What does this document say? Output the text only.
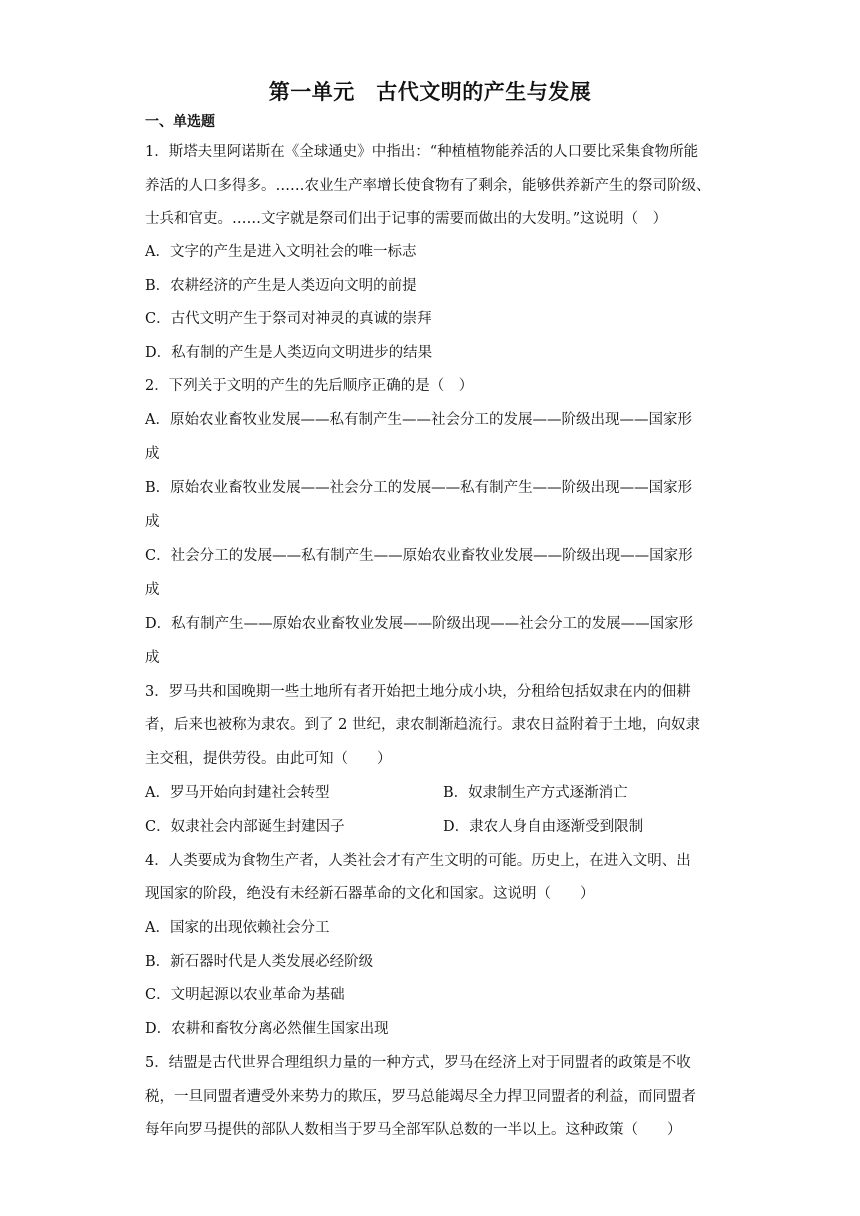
第一单元　古代文明的产生与发展
一、单选题
1．斯塔夫里阿诺斯在《全球通史》中指出：“种植植物能养活的人口要比采集食物所能
养活的人口多得多。……农业生产率增长使食物有了剩余，能够供养新产生的祭司阶级、
士兵和官吏。……文字就是祭司们出于记事的需要而做出的大发明。”这说明（　）
A．文字的产生是进入文明社会的唯一标志
B．农耕经济的产生是人类迈向文明的前提
C．古代文明产生于祭司对神灵的真诚的崇拜
D．私有制的产生是人类迈向文明进步的结果
2．下列关于文明的产生的先后顺序正确的是（　）
A．原始农业畜牧业发展——私有制产生——社会分工的发展——阶级出现——国家形
成
B．原始农业畜牧业发展——社会分工的发展——私有制产生——阶级出现——国家形
成
C．社会分工的发展——私有制产生——原始农业畜牧业发展——阶级出现——国家形
成
D．私有制产生——原始农业畜牧业发展——阶级出现——社会分工的发展——国家形
成
3．罗马共和国晚期一些土地所有者开始把土地分成小块，分租给包括奴隶在内的佃耕
者，后来也被称为隶农。到了 2 世纪，隶农制渐趋流行。隶农日益附着于土地，向奴隶
主交租，提供劳役。由此可知（　　）
A．罗马开始向封建社会转型	B．奴隶制生产方式逐渐消亡
C．奴隶社会内部诞生封建因子	D．隶农人身自由逐渐受到限制
4．人类要成为食物生产者，人类社会才有产生文明的可能。历史上，在进入文明、出
现国家的阶段，绝没有未经新石器革命的文化和国家。这说明（　　）
A．国家的出现依赖社会分工
B．新石器时代是人类发展必经阶级
C．文明起源以农业革命为基础
D．农耕和畜牧分离必然催生国家出现
5．结盟是古代世界合理组织力量的一种方式，罗马在经济上对于同盟者的政策是不收
税，一旦同盟者遭受外来势力的欺压，罗马总能竭尽全力捍卫同盟者的利益，而同盟者
每年向罗马提供的部队人数相当于罗马全部军队总数的一半以上。这种政策（　　）
